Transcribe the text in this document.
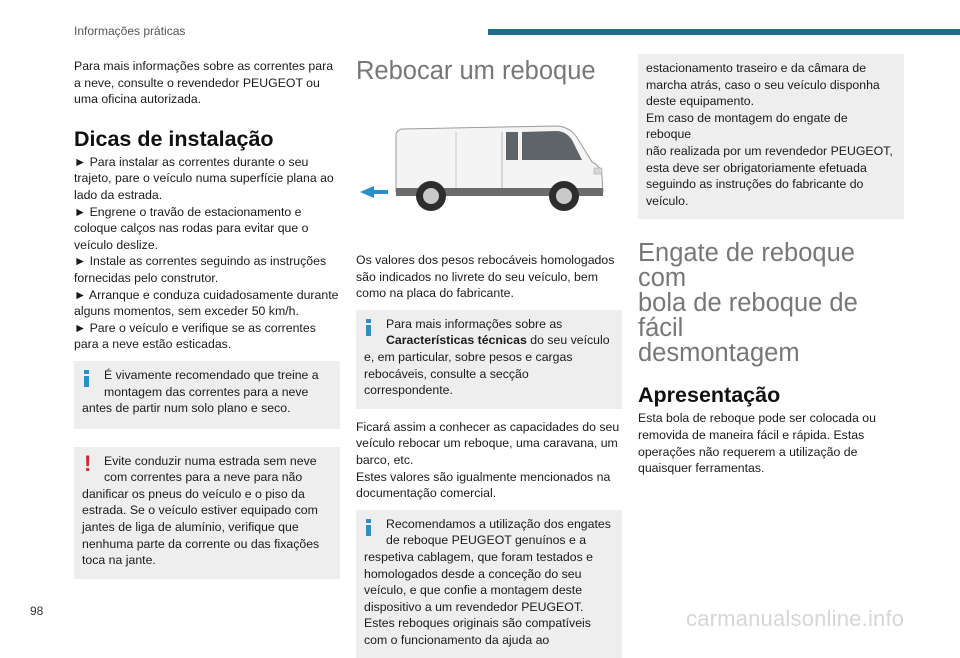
Informações práticas

Para mais informações sobre as correntes para
a neve, consulte o revendedor PEUGEOT ou
uma oficina autorizada.

Dicas de instalação

► Para instalar as correntes durante o seu
trajeto, pare o veículo numa superfície plana ao
lado da estrada.

► Engrene o travão de estacionamento e
coloque calços nas rodas para evitar que o
veículo deslize.

► Instale as correntes seguindo as instruções
fornecidas pelo construtor.

► Arranque e conduza cuidadosamente durante
alguns momentos, sem exceder 50 km/h.

► Pare o veículo e verifique se as correntes
para a neve estão esticadas.

É vivamente recomendado que treine a
montagem das correntes para a neve
antes de partir num solo plano e seco.

!	Evite conduzir numa estrada sem neve
com correntes para a neve para não
danificar os pneus do veículo e o piso da
estrada. Se o veículo estiver equipado com
jantes de liga de alumínio, verifique que
nenhuma parte da corrente ou das fixações
toca na jante.

Rebocar um reboque

Os valores dos pesos rebocáveis homologados
são indicados no livrete do seu veículo, bem
como na placa do fabricante.

Para mais informações sobre as
Características técnicas do seu veículo
e, em particular, sobre pesos e cargas
rebocáveis, consulte a secção
correspondente.

Ficará assim a conhecer as capacidades do seu
veículo rebocar um reboque, uma caravana, um
barco, etc.
Estes valores são igualmente mencionados na
documentação comercial.

Recomendamos a utilização dos engates
de reboque PEUGEOT genuínos e a
respetiva cablagem, que foram testados e
homologados desde a conceção do seu
veículo, e que confie a montagem deste
dispositivo a um revendedor PEUGEOT.
Estes reboques originais são compatíveis
com o funcionamento da ajuda ao

estacionamento traseiro e da câmara de
marcha atrás, caso o seu veículo disponha
deste equipamento.
Em caso de montagem do engate de reboque
não realizada por um revendedor PEUGEOT,
esta deve ser obrigatoriamente efetuada
seguindo as instruções do fabricante do
veículo.

Engate de reboque com
bola de reboque de fácil
desmontagem
Apresentação

Esta bola de reboque pode ser colocada ou
removida de maneira fácil e rápida. Estas
operações não requerem a utilização de
quaisquer ferramentas.

98	carmanualsonline.info
